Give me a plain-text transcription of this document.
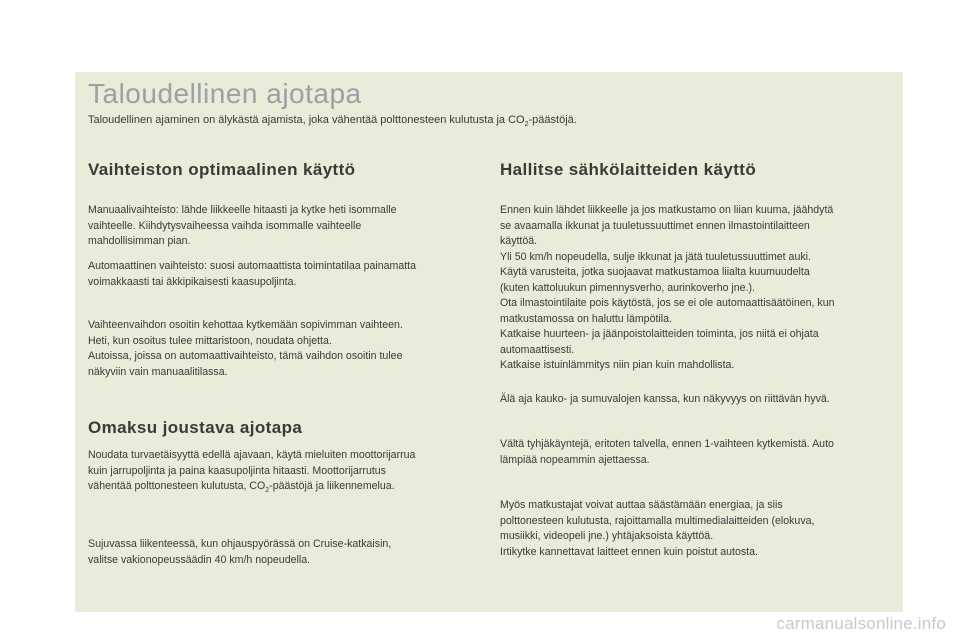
Taloudellinen ajotapa

Taloudellinen ajaminen on älykästä ajamista, joka vähentää polttonesteen kulutusta ja $CO_2$-päästöjä.

Vaihteiston optimaalinen käyttö
Manuaalivaihteisto: lähde liikkeelle hitaasti ja kytke heti isommalle
vaihteelle. Kiihdytysvaiheessa vaihda isommalle vaihteelle
mahdollisimman pian.
Automaattinen vaihteisto: suosi automaattista toimintatilaa painamatta
voimakkaasti tai äkkipikaisesti kaasupoljinta.
Vaihteenvaihdon osoitin kehottaa kytkemään sopivimman vaihteen.
Heti, kun osoitus tulee mittaristoon, noudata ohjetta.
Autoissa, joissa on automaattivaihteisto, tämä vaihdon osoitin tulee
näkyviin vain manuaalitilassa.
Omaksu joustava ajotapa
Noudata turvaetäisyyttä edellä ajavaan, käytä mieluiten moottorijarrua
kuin jarrupoljinta ja paina kaasupoljinta hitaasti. Moottorijarrutus
vähentää polttonesteen kulutusta, $CO_2$-päästöjä ja liikennemelua.
Sujuvassa liikenteessä, kun ohjauspyörässä on Cruise-katkaisin,
valitse vakionopeussäädin 40 km/h nopeudella.
Hallitse sähkölaitteiden käyttö
Ennen kuin lähdet liikkeelle ja jos matkustamo on liian kuuma, jäähdytä
se avaamalla ikkunat ja tuuletussuuttimet ennen ilmastointilaitteen
käyttöä.
Yli 50 km/h nopeudella, sulje ikkunat ja jätä tuuletussuuttimet auki.
Käytä varusteita, jotka suojaavat matkustamoa liialta kuumuudelta
(kuten kattoluukun pimennysverho, aurinkoverho jne.).
Ota ilmastointilaite pois käytöstä, jos se ei ole automaattisäätöinen, kun
matkustamossa on haluttu lämpötila.
Katkaise huurteen- ja jäänpoistolaitteiden toiminta, jos niitä ei ohjata
automaattisesti.
Katkaise istuinlämmitys niin pian kuin mahdollista.
Älä aja kauko- ja sumuvalojen kanssa, kun näkyvyys on riittävän hyvä.
Vältä tyhjäkäyntejä, eritoten talvella, ennen 1-vaihteen kytkemistä. Auto
lämpiää nopeammin ajettaessa.
Myös matkustajat voivat auttaa säästämään energiaa, ja siis
polttonesteen kulutusta, rajoittamalla multimedialaitteiden (elokuva,
musiikki, videopeli jne.) yhtäjaksoista käyttöä.
Irtikytke kannettavat laitteet ennen kuin poistut autosta.
carmanualsonline.info
